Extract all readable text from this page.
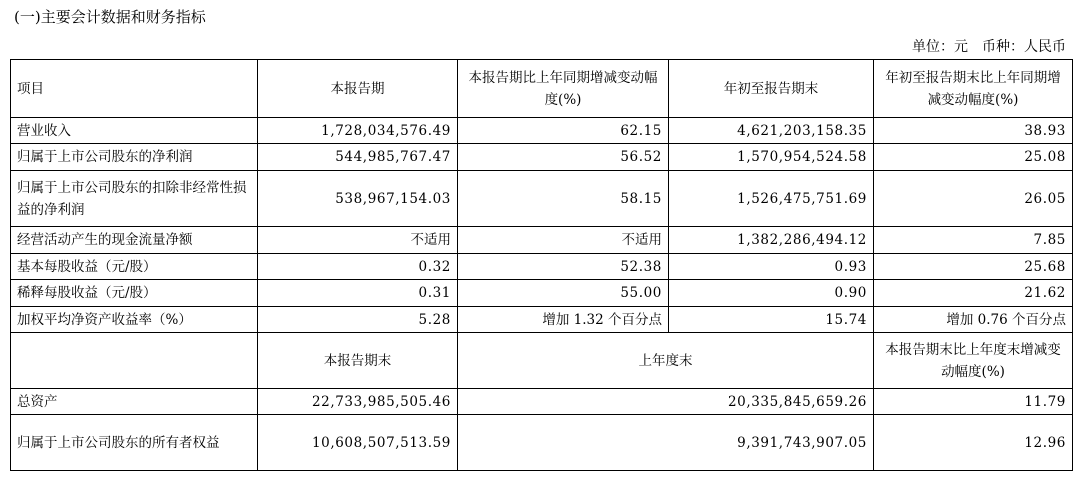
(一)主要会计数据和财务指标
单位：元　币种：人民币
项目	本报告期	本报告期比上年同期增减变动幅度(%)	年初至报告期末	年初至报告期末比上年同期增减变动幅度(%)
营业收入	1,728,034,576.49	62.15	4,621,203,158.35	38.93
归属于上市公司股东的净利润	544,985,767.47	56.52	1,570,954,524.58	25.08
归属于上市公司股东的扣除非经常性损益的净利润	538,967,154.03	58.15	1,526,475,751.69	26.05
经营活动产生的现金流量净额	不适用	不适用	1,382,286,494.12	7.85
基本每股收益（元/股）	0.32	52.38	0.93	25.68
稀释每股收益（元/股）	0.31	55.00	0.90	21.62
加权平均净资产收益率（%）	5.28	增加 1.32 个百分点	15.74	增加 0.76 个百分点
	本报告期末	上年度末		本报告期末比上年度末增减变动幅度(%)
总资产	22,733,985,505.46	20,335,845,659.26		11.79
归属于上市公司股东的所有者权益	10,608,507,513.59	9,391,743,907.05		12.96
